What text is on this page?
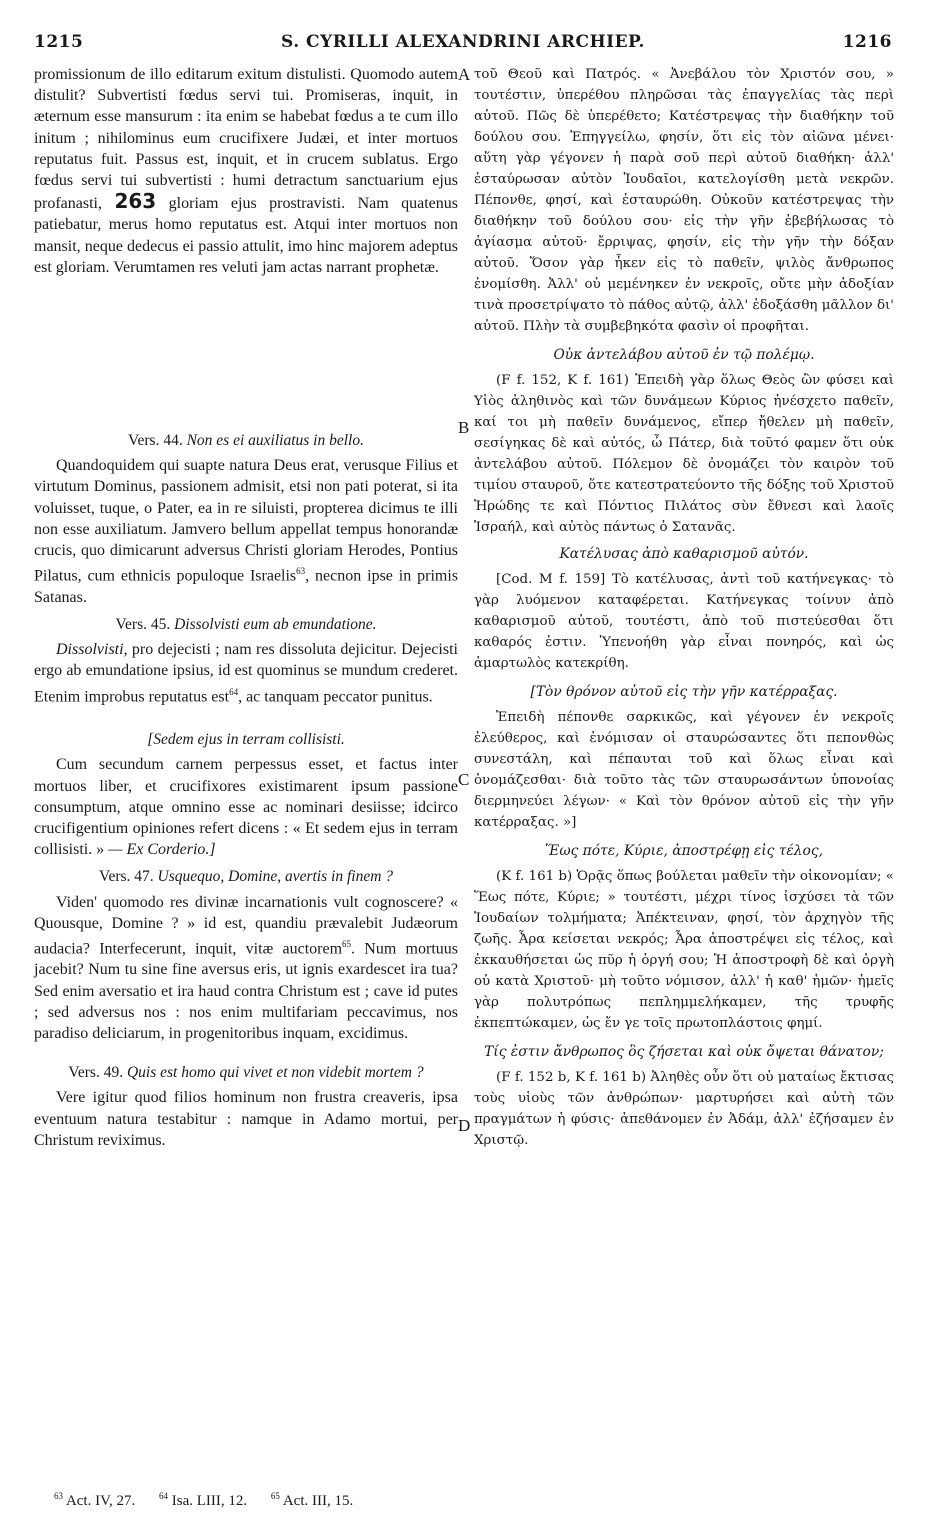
1215	S. CYRILLI ALEXANDRINI ARCHIEP.	1216
A
B
C
D

promissionum de illo editarum exitum distulisti. Quomodo autem distulit? Subvertisti fœdus servi tui. Promiseras, inquit, in æternum esse mansurum : ita enim se habebat fœdus a te cum illo initum ; nihilominus eum crucifixere Judæi, et inter mortuos reputatus fuit. Passus est, inquit, et in crucem sublatus. Ergo fœdus servi tui subvertisti : humi detractum sanctuarium ejus profanasti, 263 gloriam ejus prostravisti. Nam quatenus patiebatur, merus homo reputatus est. Atqui inter mortuos non mansit, neque dedecus ei passio attulit, imo hinc majorem adeptus est gloriam. Verumtamen res veluti jam actas narrant prophetæ.

Vers. 44. Non es ei auxiliatus in bello.

Quandoquidem qui suapte natura Deus erat, verusque Filius et virtutum Dominus, passionem admisit, etsi non pati poterat, si ita voluisset, tuque, o Pater, ea in re siluisti, propterea dicimus te illi non esse auxiliatum. Jamvero bellum appellat tempus honorandæ crucis, quo dimicarunt adversus Christi gloriam Herodes, Pontius Pilatus, cum ethnicis populoque Israelis$^{63}$, necnon ipse in primis Satanas.

Vers. 45. Dissolvisti eum ab emundatione.

Dissolvisti, pro dejecisti ; nam res dissoluta dejicitur. Dejecisti ergo ab emundatione ipsius, id est quominus se mundum crederet. Etenim improbus reputatus est$^{64}$, ac tanquam peccator punitus.

[Sedem ejus in terram collisisti.

Cum secundum carnem perpessus esset, et factus inter mortuos liber, et crucifixores existimarent ipsum passione consumptum, atque omnino esse ac nominari desiisse; idcirco crucifigentium opiniones refert dicens : « Et sedem ejus in terram collisisti. » — Ex Corderio.]

Vers. 47. Usquequo, Domine, avertis in finem ?

Viden' quomodo res divinæ incarnationis vult cognoscere? « Quousque, Domine ? » id est, quandiu prævalebit Judæorum audacia? Interfecerunt, inquit, vitæ auctorem$^{65}$. Num mortuus jacebit? Num tu sine fine aversus eris, ut ignis exardescet ira tua? Sed enim aversatio et ira haud contra Christum est ; cave id putes ; sed adversus nos : nos enim multifariam peccavimus, nos paradiso deliciarum, in progenitoribus inquam, excidimus.

Vers. 49. Quis est homo qui vivet et non videbit mortem ?

Vere igitur quod filios hominum non frustra creaveris, ipsa eventuum natura testabitur : namque in Adamo mortui, per Christum reviximus.

τοῦ Θεοῦ καὶ Πατρός. « Ἀνεβάλου τὸν Χριστόν σου, » τουτέστιν, ὑπερέθου πληρῶσαι τὰς ἐπαγγελίας τὰς περὶ αὐτοῦ. Πῶς δὲ ὑπερέθετο; Κατέστρεψας τὴν διαθήκην τοῦ δούλου σου. Ἐπηγγείλω, φησίν, ὅτι εἰς τὸν αἰῶνα μένει· αὕτη γὰρ γέγονεν ἡ παρὰ σοῦ περὶ αὐτοῦ διαθήκη· ἀλλ' ἐσταύρωσαν αὐτὸν Ἰουδαῖοι, κατελογίσθη μετὰ νεκρῶν. Πέπονθε, φησί, καὶ ἐσταυρώθη. Οὐκοῦν κατέστρεψας τὴν διαθήκην τοῦ δούλου σου· εἰς τὴν γῆν ἐβεβήλωσας τὸ ἁγίασμα αὐτοῦ· ἔρριψας, φησίν, εἰς τὴν γῆν τὴν δόξαν αὐτοῦ. Ὅσον γὰρ ἧκεν εἰς τὸ παθεῖν, ψιλὸς ἄνθρωπος ἐνομίσθη. Ἀλλ' οὐ μεμένηκεν ἐν νεκροῖς, οὔτε μὴν ἀδοξίαν τινὰ προσετρίψατο τὸ πάθος αὐτῷ, ἀλλ' ἐδοξάσθη μᾶλλον δι' αὐτοῦ. Πλὴν τὰ συμβεβηκότα φασὶν οἱ προφῆται.

Οὐκ ἀντελάβου αὐτοῦ ἐν τῷ πολέμῳ.

(F f. 152, K f. 161) Ἐπειδὴ γὰρ ὅλως Θεὸς ὢν φύσει καὶ Υἱὸς ἀληθινὸς καὶ τῶν δυνάμεων Κύριος ἠνέσχετο παθεῖν, καί τοι μὴ παθεῖν δυνάμενος, εἴπερ ἤθελεν μὴ παθεῖν, σεσίγηκας δὲ καὶ αὐτός, ὦ Πάτερ, διὰ τοῦτό φαμεν ὅτι οὐκ ἀντελάβου αὐτοῦ. Πόλεμον δὲ ὀνομάζει τὸν καιρὸν τοῦ τιμίου σταυροῦ, ὅτε κατεστρατεύοντο τῆς δόξης τοῦ Χριστοῦ Ἡρώδης τε καὶ Πόντιος Πιλάτος σὺν ἔθνεσι καὶ λαοῖς Ἰσραήλ, καὶ αὐτὸς πάντως ὁ Σατανᾶς.

Κατέλυσας ἀπὸ καθαρισμοῦ αὐτόν.

[Cod. M f. 159] Τὸ κατέλυσας, ἀντὶ τοῦ κατήνεγκας· τὸ γὰρ λυόμενον καταφέρεται. Κατήνεγκας τοίνυν ἀπὸ καθαρισμοῦ αὐτοῦ, τουτέστι, ἀπὸ τοῦ πιστεύεσθαι ὅτι καθαρός ἐστιν. Ὑπενοήθη γὰρ εἶναι πονηρός, καὶ ὡς ἁμαρτωλὸς κατεκρίθη.

[Τὸν θρόνον αὐτοῦ εἰς τὴν γῆν κατέρραξας.

Ἐπειδὴ πέπονθε σαρκικῶς, καὶ γέγονεν ἐν νεκροῖς ἐλεύθερος, καὶ ἐνόμισαν οἱ σταυρώσαντες ὅτι πεπονθὼς συνεστάλη, καὶ πέπαυται τοῦ καὶ ὅλως εἶναι καὶ ὀνομάζεσθαι· διὰ τοῦτο τὰς τῶν σταυρωσάντων ὑπονοίας διερμηνεύει λέγων· « Καὶ τὸν θρόνον αὐτοῦ εἰς τὴν γῆν κατέρραξας. »]

Ἕως πότε, Κύριε, ἀποστρέφῃ εἰς τέλος,

(K f. 161 b) Ὁρᾷς ὅπως βούλεται μαθεῖν τὴν οἰκονομίαν; « Ἕως πότε, Κύριε; » τουτέστι, μέχρι τίνος ἰσχύσει τὰ τῶν Ἰουδαίων τολμήματα; Ἀπέκτειναν, φησί, τὸν ἀρχηγὸν τῆς ζωῆς. Ἆρα κείσεται νεκρός; Ἆρα ἀποστρέψει εἰς τέλος, καὶ ἐκκαυθήσεται ὡς πῦρ ἡ ὀργή σου; Ἡ ἀποστροφὴ δὲ καὶ ὀργὴ οὐ κατὰ Χριστοῦ· μὴ τοῦτο νόμισον, ἀλλ' ἡ καθ' ἡμῶν· ἡμεῖς γὰρ πολυτρόπως πεπλημμελήκαμεν, τῆς τρυφῆς ἐκπεπτώκαμεν, ὡς ἔν γε τοῖς πρωτοπλάστοις φημί.

Τίς ἐστιν ἄνθρωπος ὃς ζήσεται καὶ οὐκ ὄψεται θάνατον;

(F f. 152 b, K f. 161 b) Ἀληθὲς οὖν ὅτι οὐ ματαίως ἔκτισας τοὺς υἱοὺς τῶν ἀνθρώπων· μαρτυρήσει καὶ αὐτὴ τῶν πραγμάτων ἡ φύσις· ἀπεθάνομεν ἐν Ἀδάμ, ἀλλ' ἐζήσαμεν ἐν Χριστῷ.

$^{63}$ Act. IV, 27.	$^{64}$ Isa. LIII, 12.	$^{65}$ Act. III, 15.
